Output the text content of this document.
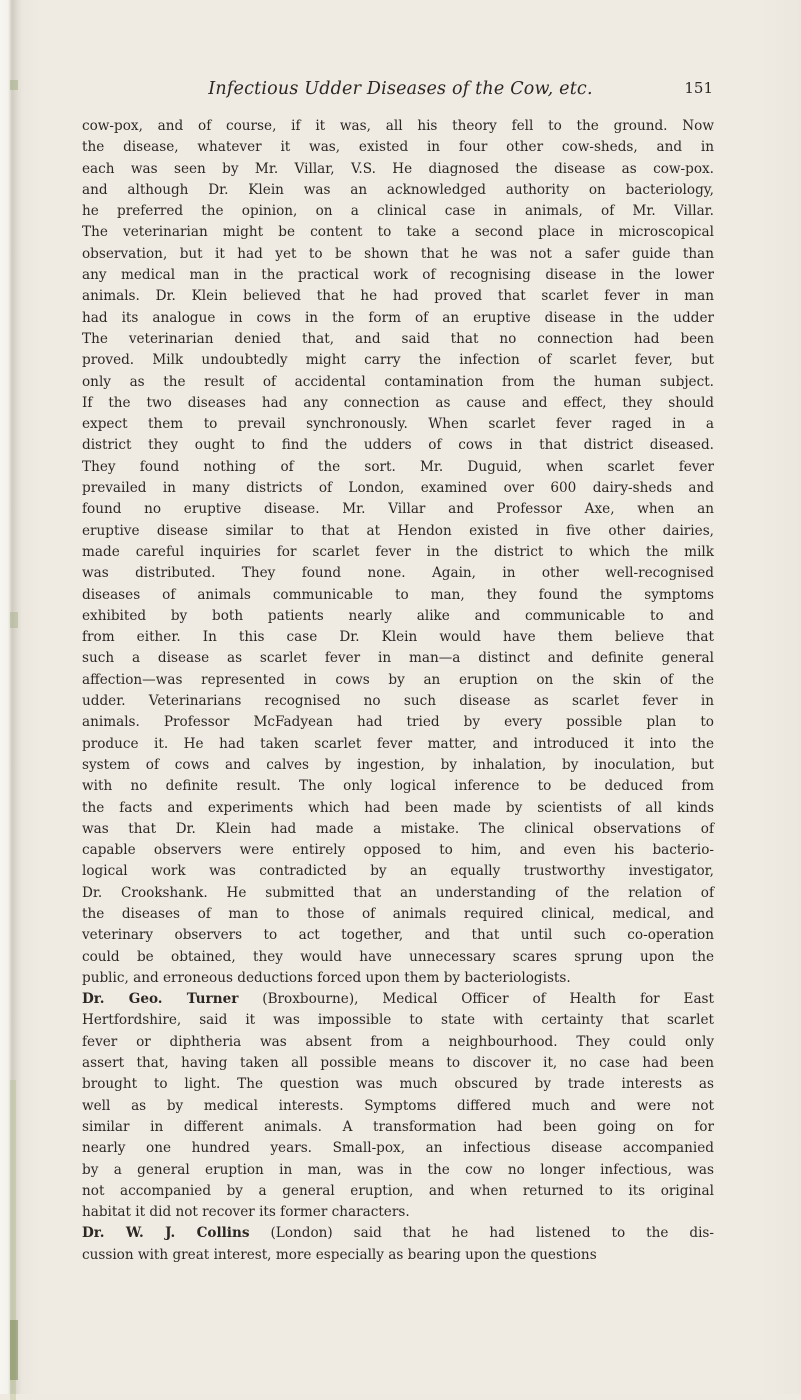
Infectious Udder Diseases of the Cow, etc.	151
cow-pox, and of course, if it was, all his theory fell to the ground. Now
the disease, whatever it was, existed in four other cow-sheds, and in
each was seen by Mr. Villar, V.S. He diagnosed the disease as cow-pox.
and although Dr. Klein was an acknowledged authority on bacteriology,
he preferred the opinion, on a clinical case in animals, of Mr. Villar.
The veterinarian might be content to take a second place in microscopical
observation, but it had yet to be shown that he was not a safer guide than
any medical man in the practical work of recognising disease in the lower
animals. Dr. Klein believed that he had proved that scarlet fever in man
had its analogue in cows in the form of an eruptive disease in the udder
The veterinarian denied that, and said that no connection had been
proved. Milk undoubtedly might carry the infection of scarlet fever, but
only as the result of accidental contamination from the human subject.
If the two diseases had any connection as cause and effect, they should
expect them to prevail synchronously. When scarlet fever raged in a
district they ought to find the udders of cows in that district diseased.
They found nothing of the sort. Mr. Duguid, when scarlet fever
prevailed in many districts of London, examined over 600 dairy-sheds and
found no eruptive disease. Mr. Villar and Professor Axe, when an
eruptive disease similar to that at Hendon existed in five other dairies,
made careful inquiries for scarlet fever in the district to which the milk
was distributed. They found none. Again, in other well-recognised
diseases of animals communicable to man, they found the symptoms
exhibited by both patients nearly alike and communicable to and
from either. In this case Dr. Klein would have them believe that
such a disease as scarlet fever in man—a distinct and definite general
affection—was represented in cows by an eruption on the skin of the
udder. Veterinarians recognised no such disease as scarlet fever in
animals. Professor McFadyean had tried by every possible plan to
produce it. He had taken scarlet fever matter, and introduced it into the
system of cows and calves by ingestion, by inhalation, by inoculation, but
with no definite result. The only logical inference to be deduced from
the facts and experiments which had been made by scientists of all kinds
was that Dr. Klein had made a mistake. The clinical observations of
capable observers were entirely opposed to him, and even his bacterio-
logical work was contradicted by an equally trustworthy investigator,
Dr. Crookshank. He submitted that an understanding of the relation of
the diseases of man to those of animals required clinical, medical, and
veterinary observers to act together, and that until such co-operation
could be obtained, they would have unnecessary scares sprung upon the
public, and erroneous deductions forced upon them by bacteriologists.
Dr. Geo. Turner (Broxbourne), Medical Officer of Health for East
Hertfordshire, said it was impossible to state with certainty that scarlet
fever or diphtheria was absent from a neighbourhood. They could only
assert that, having taken all possible means to discover it, no case had been
brought to light. The question was much obscured by trade interests as
well as by medical interests. Symptoms differed much and were not
similar in different animals. A transformation had been going on for
nearly one hundred years. Small-pox, an infectious disease accompanied
by a general eruption in man, was in the cow no longer infectious, was
not accompanied by a general eruption, and when returned to its original
habitat it did not recover its former characters.
Dr. W. J. Collins (London) said that he had listened to the dis-
cussion with great interest, more especially as bearing upon the questions
